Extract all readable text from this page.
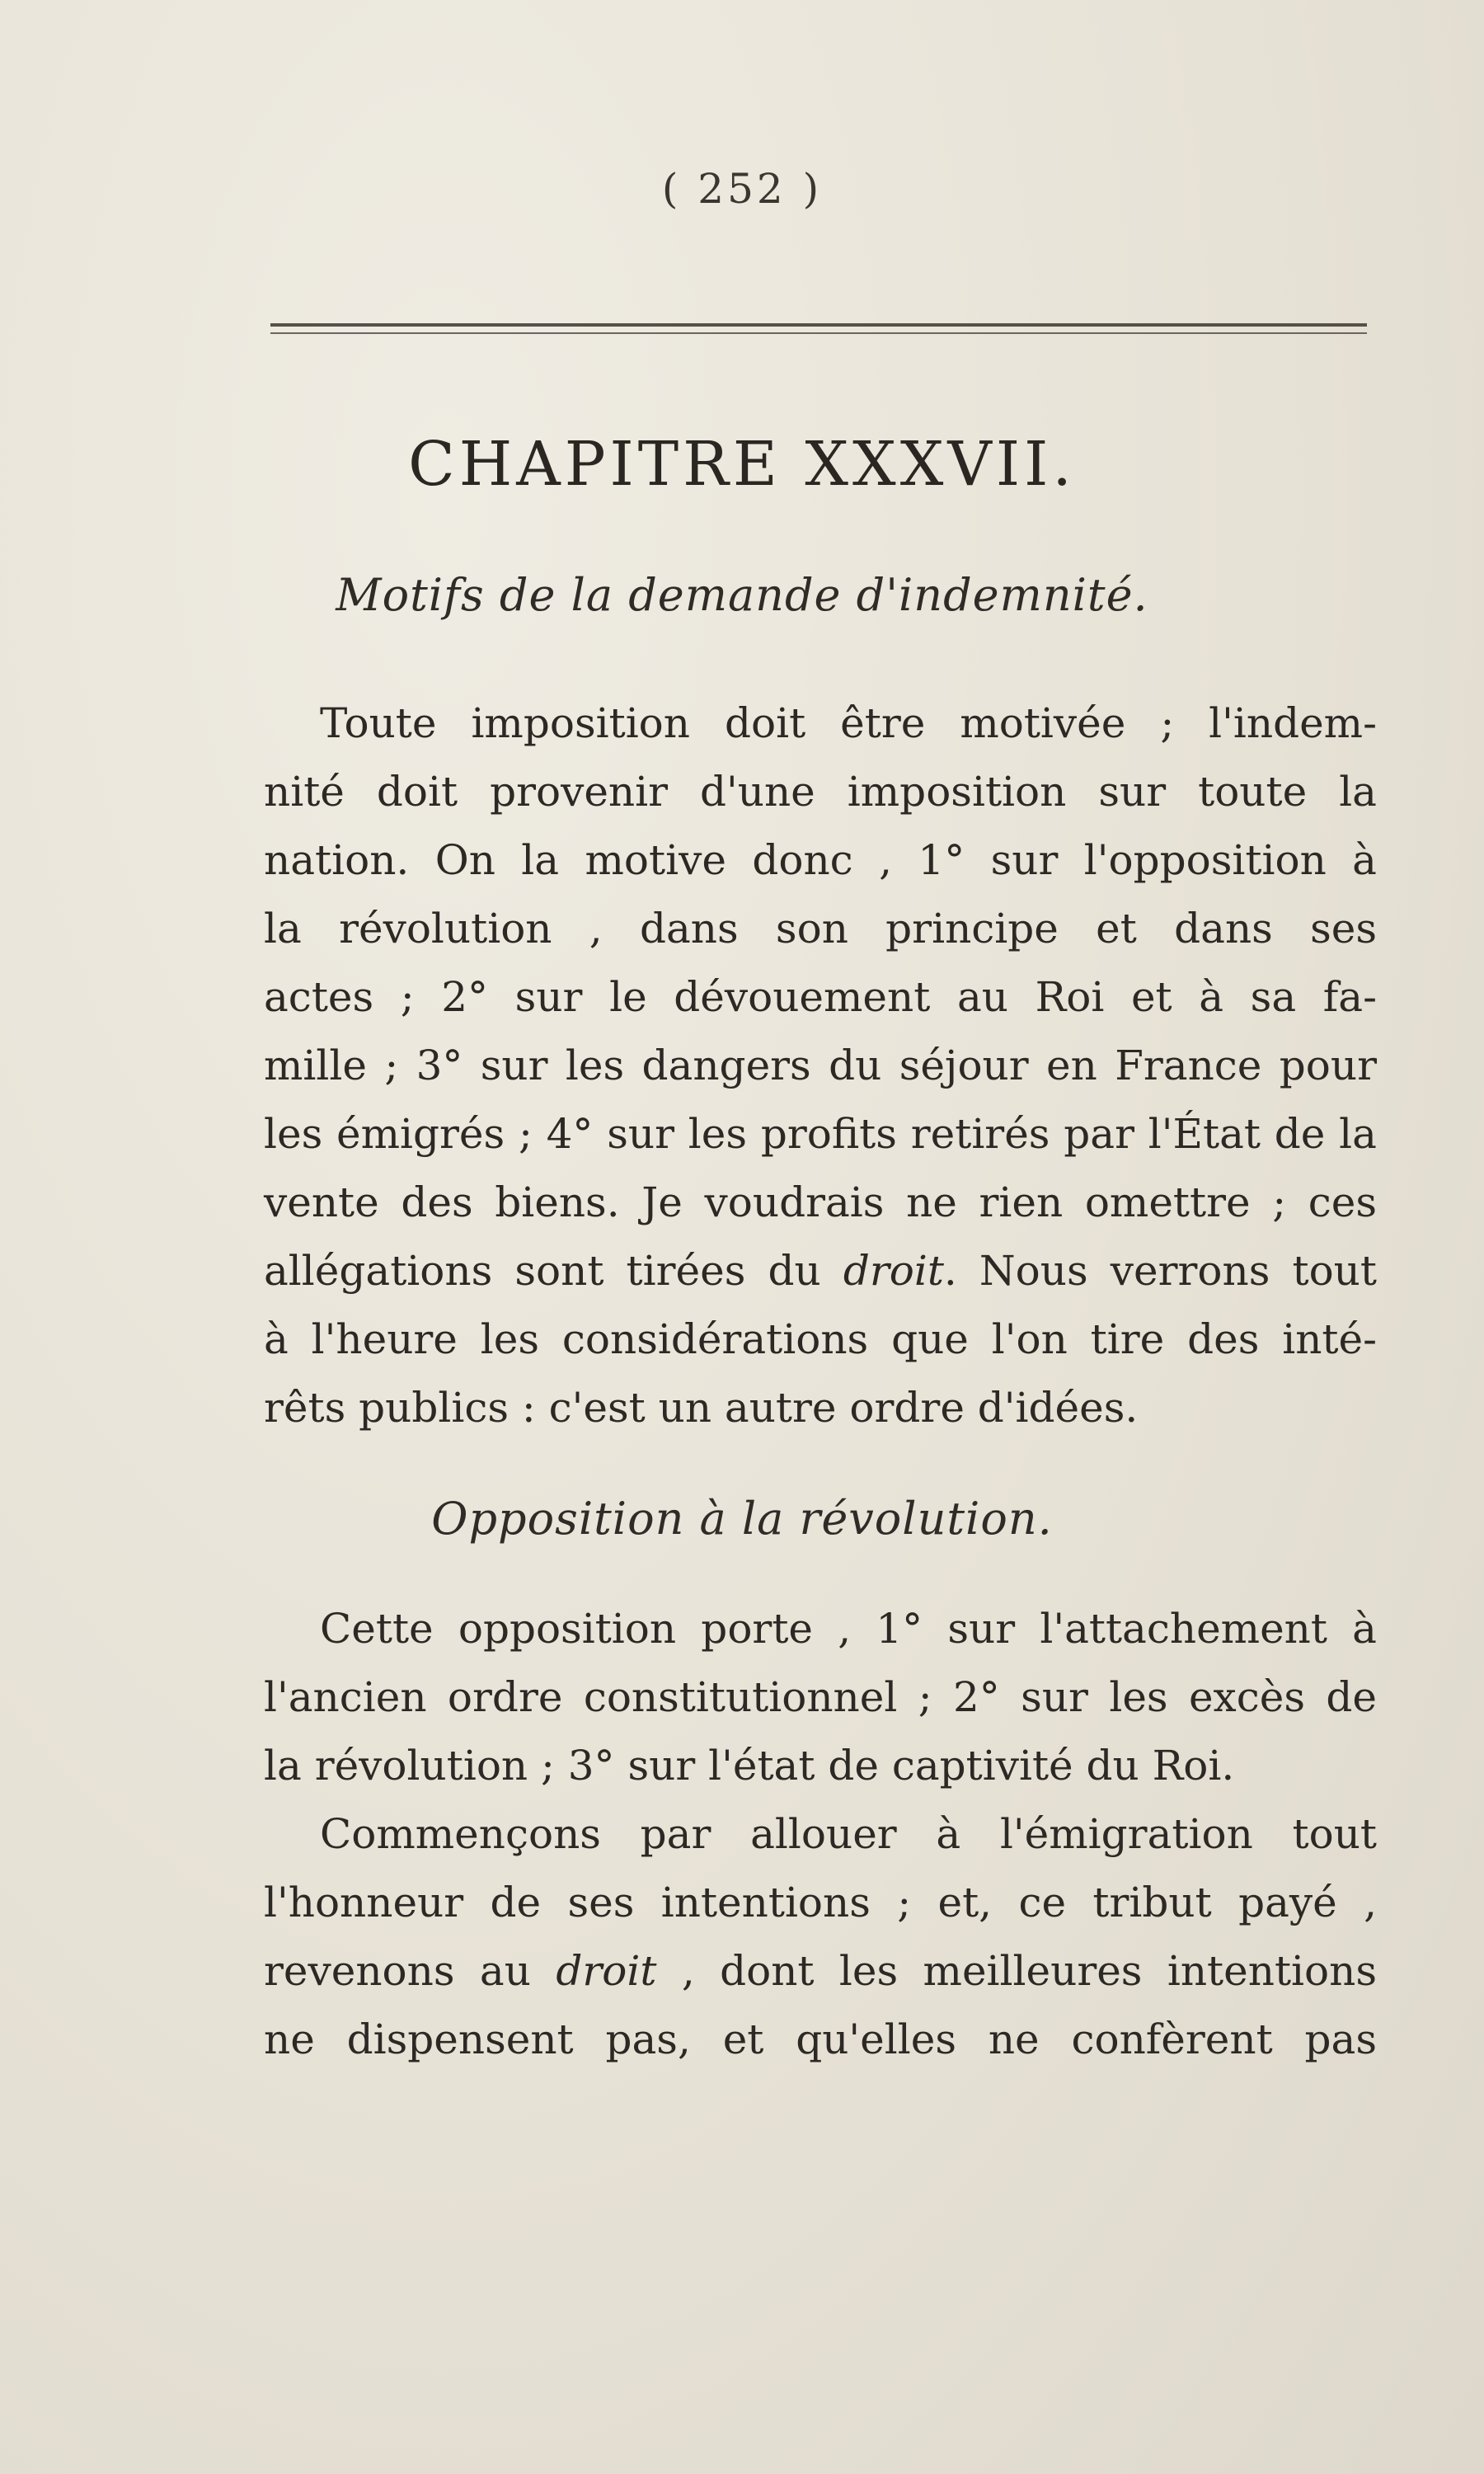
( 252 )
CHAPITRE XXXVII.
Motifs de la demande d'indemnité.
Toute imposition doit être motivée ; l'indem-
nité doit provenir d'une imposition sur toute la
nation. On la motive donc , 1° sur l'opposition à
la révolution , dans son principe et dans ses
actes ; 2° sur le dévouement au Roi et à sa fa-
mille ; 3° sur les dangers du séjour en France pour
les émigrés ; 4° sur les profits retirés par l'État de la
vente des biens. Je voudrais ne rien omettre ; ces
allégations sont tirées du droit. Nous verrons tout
à l'heure les considérations que l'on tire des inté-
rêts publics : c'est un autre ordre d'idées.
Opposition à la révolution.
Cette opposition porte , 1° sur l'attachement à
l'ancien ordre constitutionnel ; 2° sur les excès de
la révolution ; 3° sur l'état de captivité du Roi.
Commençons par allouer à l'émigration tout
l'honneur de ses intentions ; et, ce tribut payé ,
revenons au droit , dont les meilleures intentions
ne dispensent pas, et qu'elles ne confèrent pas
